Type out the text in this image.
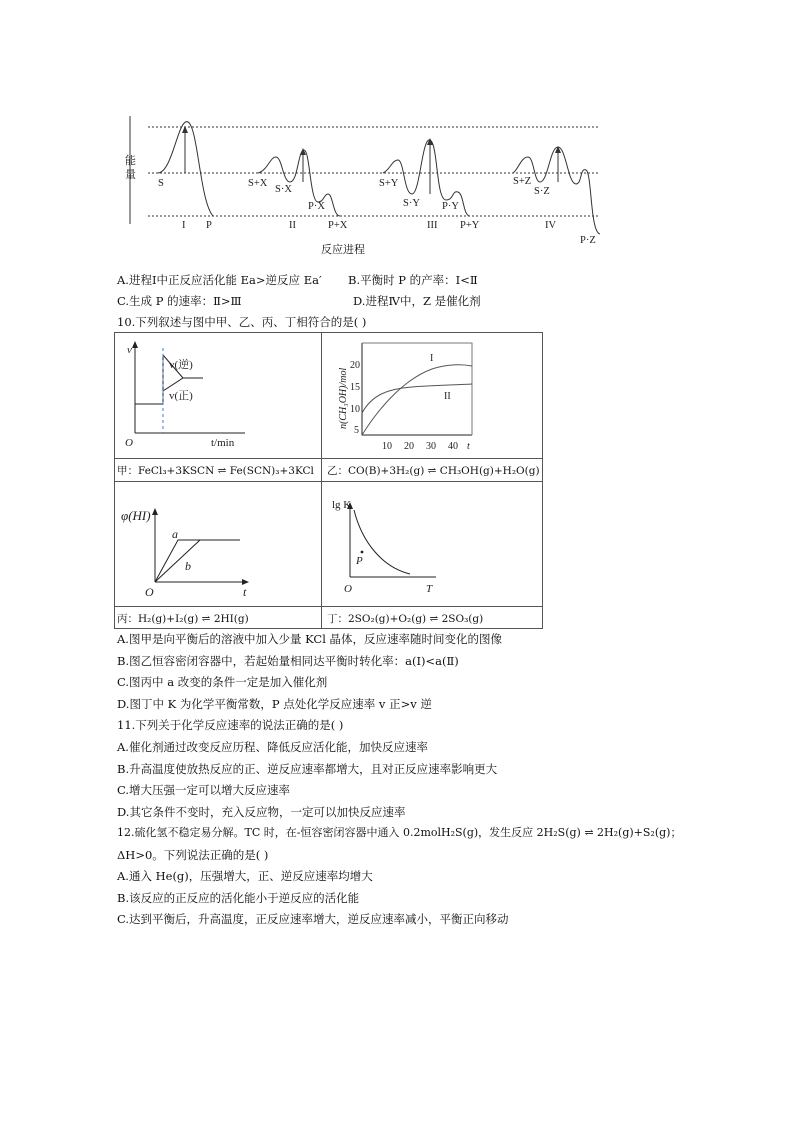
能
量
S
P
I
S+X
S·X
P·X
P+X
II
S+Y
S·Y P·Y
P+Y
III
S+Z
S·Z
P·Z
IV
反应进程
A.进程Ⅰ中正反应活化能 Ea>逆反应 Ea′ B.平衡时 P 的产率：Ⅰ<Ⅱ
C.生成 P 的速率：Ⅱ>Ⅲ	D.进程Ⅳ中，Z 是催化剂
10.下列叙述与图中甲、乙、丙、丁相符合的是( )
v
O	t/min
v(逆)
v(正)
甲：FeCl₃+3KSCN ⇌ Fe(SCN)₃+3KCl
n(CH₃OH)/mol
20
15
10
5
10 20 30 40 t
I
II
乙：CO(B)+3H₂(g) ⇌ CH₃OH(g)+H₂O(g)
φ(HI)
O	t
a
b
丙：H₂(g)+I₂(g) ⇌ 2HI(g)
lg K
O	T
P
丁：2SO₂(g)+O₂(g) ⇌ 2SO₃(g)
A.图甲是向平衡后的溶液中加入少量 KCl 晶体，反应速率随时间变化的图像
B.图乙恒容密闭容器中，若起始量相同达平衡时转化率：a(Ⅰ)<a(Ⅱ)
C.图丙中 a 改变的条件一定是加入催化剂
D.图丁中 K 为化学平衡常数，P 点处化学反应速率 v 正>v 逆
11.下列关于化学反应速率的说法正确的是( )
A.催化剂通过改变反应历程、降低反应活化能，加快反应速率
B.升高温度使放热反应的正、逆反应速率都增大，且对正反应速率影响更大
C.增大压强一定可以增大反应速率
D.其它条件不变时，充入反应物，一定可以加快反应速率
12.硫化氢不稳定易分解。TC 时，在-恒容密闭容器中通入 0.2molH₂S(g)，发生反应 2H₂S(g) ⇌ 2H₂(g)+S₂(g)；
ΔH>0。下列说法正确的是( )
A.通入 He(g)，压强增大，正、逆反应速率均增大
B.该反应的正反应的活化能小于逆反应的活化能
C.达到平衡后，升高温度，正反应速率增大，逆反应速率减小，平衡正向移动
